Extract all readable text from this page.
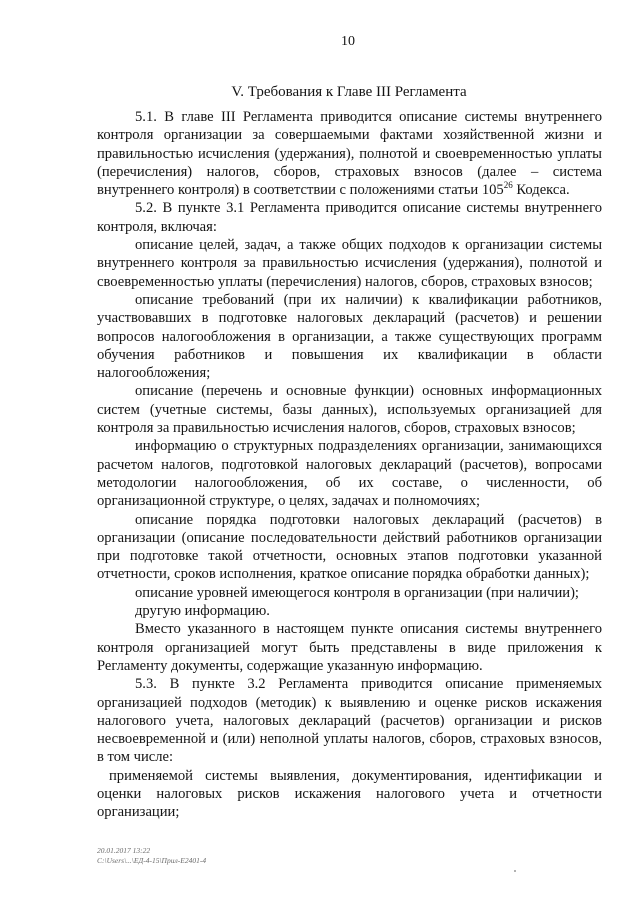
10
V. Требования к Главе III Регламента

5.1. В главе III Регламента приводится описание системы внутреннего контроля организации за совершаемыми фактами хозяйственной жизни и правильностью исчисления (удержания), полнотой и своевременностью уплаты (перечисления) налогов, сборов, страховых взносов (далее – система внутреннего контроля) в соответствии с положениями статьи $105^{26}$ Кодекса.

5.2. В пункте 3.1 Регламента приводится описание системы внутреннего контроля, включая:

описание целей, задач, а также общих подходов к организации системы внутреннего контроля за правильностью исчисления (удержания), полнотой и своевременностью уплаты (перечисления) налогов, сборов, страховых взносов;

описание требований (при их наличии) к квалификации работников, участвовавших в подготовке налоговых деклараций (расчетов) и решении вопросов налогообложения в организации, а также существующих программ обучения работников и повышения их квалификации в области налогообложения;

описание (перечень и основные функции) основных информационных систем (учетные системы, базы данных), используемых организацией для контроля за правильностью исчисления налогов, сборов, страховых взносов;

информацию о структурных подразделениях организации, занимающихся расчетом налогов, подготовкой налоговых деклараций (расчетов), вопросами методологии налогообложения, об их составе, о численности, об организационной структуре, о целях, задачах и полномочиях;

описание порядка подготовки налоговых деклараций (расчетов) в организации (описание последовательности действий работников организации при подготовке такой отчетности, основных этапов подготовки указанной отчетности, сроков исполнения, краткое описание порядка обработки данных);

описание уровней имеющегося контроля в организации (при наличии);

другую информацию.

Вместо указанного в настоящем пункте описания системы внутреннего контроля организацией могут быть представлены в виде приложения к Регламенту документы, содержащие указанную информацию.

5.3. В пункте 3.2 Регламента приводится описание применяемых организацией подходов (методик) к выявлению и оценке рисков искажения налогового учета, налоговых деклараций (расчетов) организации и рисков несвоевременной и (или) неполной уплаты налогов, сборов, страховых взносов, в том числе:

применяемой системы выявления, документирования, идентификации и оценки налоговых рисков искажения налогового учета и отчетности организации;

20.01.2017 13:22
С:\Users\...\ЕД-4-15\Прил-Е2401-4
